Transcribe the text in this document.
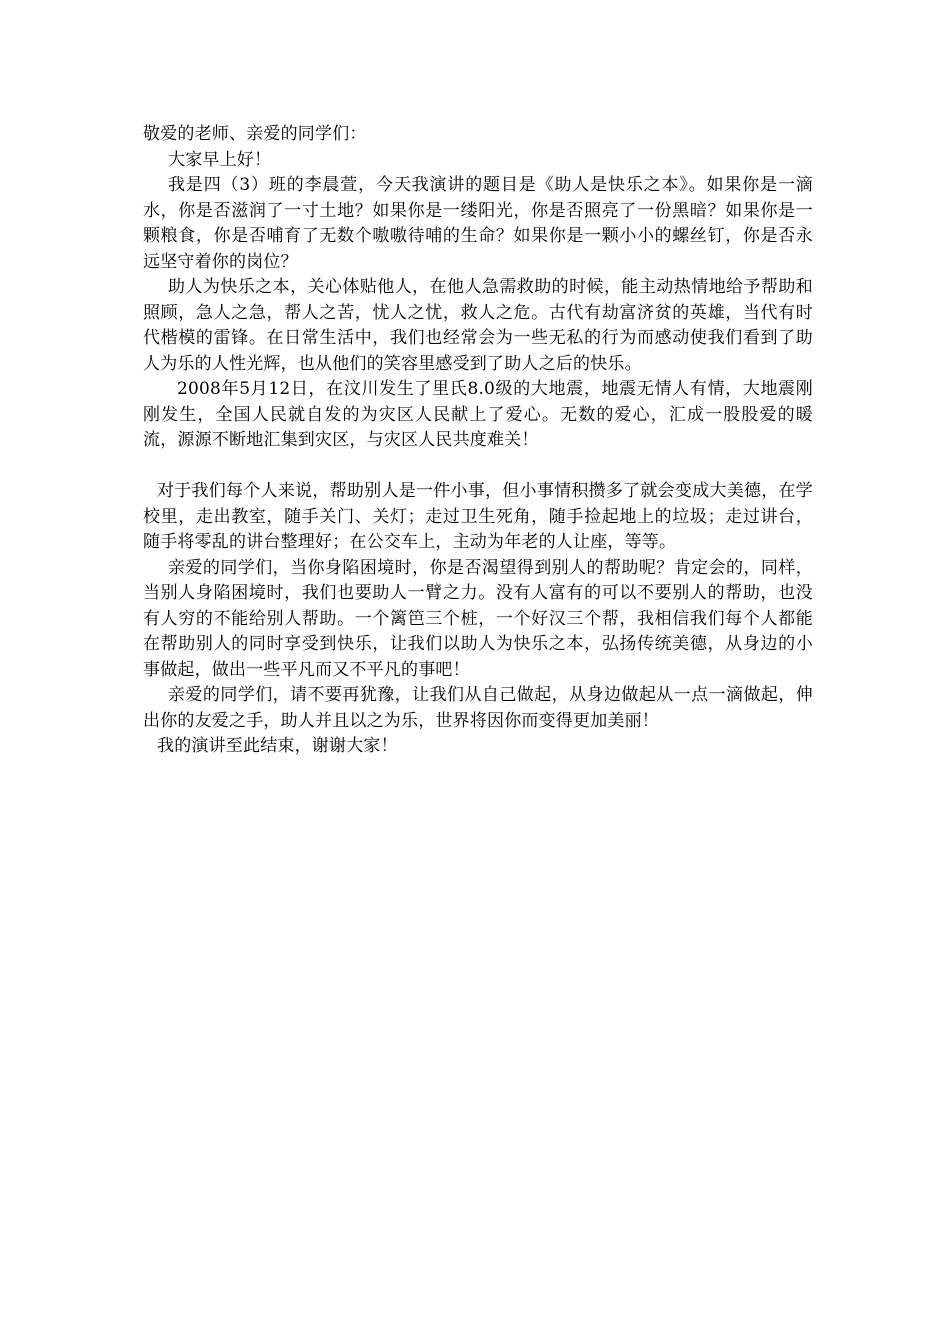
敬爱的老师、亲爱的同学们：

大家早上好！

我是四（3）班的李晨萱，今天我演讲的题目是《助人是快乐之本》。如果你是一滴水，你是否滋润了一寸土地？如果你是一缕阳光，你是否照亮了一份黑暗？如果你是一颗粮食，你是否哺育了无数个嗷嗷待哺的生命？如果你是一颗小小的螺丝钉，你是否永远坚守着你的岗位？

助人为快乐之本，关心体贴他人，在他人急需救助的时候，能主动热情地给予帮助和照顾，急人之急，帮人之苦，忧人之忧，救人之危。古代有劫富济贫的英雄，当代有时代楷模的雷锋。在日常生活中，我们也经常会为一些无私的行为而感动使我们看到了助人为乐的人性光辉，也从他们的笑容里感受到了助人之后的快乐。

2008年5月12日，在汶川发生了里氏8.0级的大地震，地震无情人有情，大地震刚刚发生，全国人民就自发的为灾区人民献上了爱心。无数的爱心，汇成一股股爱的暖流，源源不断地汇集到灾区，与灾区人民共度难关！

对于我们每个人来说，帮助别人是一件小事，但小事情积攒多了就会变成大美德，在学校里，走出教室，随手关门、关灯；走过卫生死角，随手捡起地上的垃圾；走过讲台，随手将零乱的讲台整理好；在公交车上，主动为年老的人让座，等等。

亲爱的同学们，当你身陷困境时，你是否渴望得到别人的帮助呢？肯定会的，同样，当别人身陷困境时，我们也要助人一臂之力。没有人富有的可以不要别人的帮助，也没有人穷的不能给别人帮助。一个篱笆三个桩，一个好汉三个帮，我相信我们每个人都能在帮助别人的同时享受到快乐，让我们以助人为快乐之本，弘扬传统美德，从身边的小事做起，做出一些平凡而又不平凡的事吧！

亲爱的同学们，请不要再犹豫，让我们从自己做起，从身边做起从一点一滴做起，伸出你的友爱之手，助人并且以之为乐，世界将因你而变得更加美丽！

我的演讲至此结束，谢谢大家！
